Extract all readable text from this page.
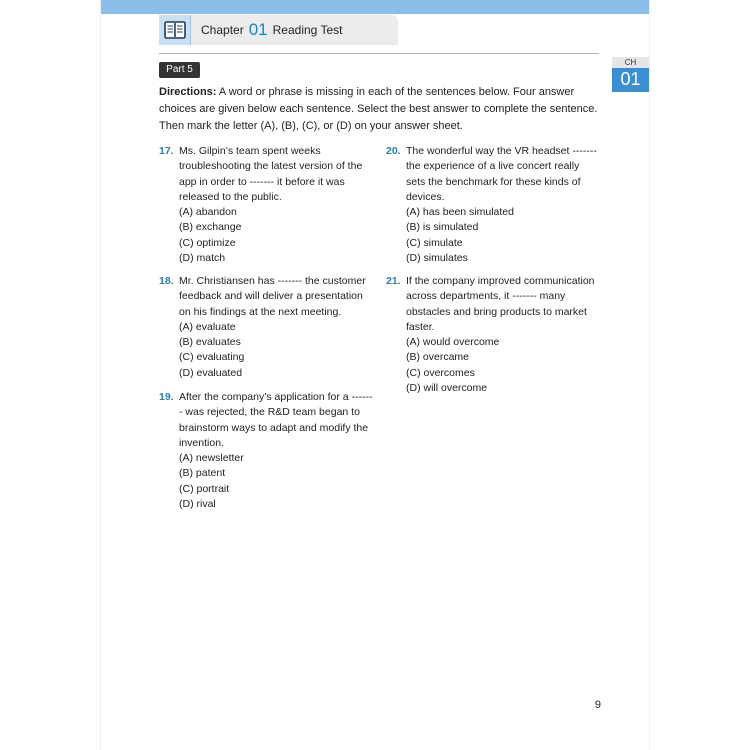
Chapter 01 Reading Test
CH
01
Part 5
Directions: A word or phrase is missing in each of the sentences below. Four answer choices are given below each sentence. Select the best answer to complete the sentence. Then mark the letter (A), (B), (C), or (D) on your answer sheet.
17. Ms. Gilpin’s team spent weeks troubleshooting the latest version of the app in order to ------- it before it was released to the public.
(A) abandon
(B) exchange
(C) optimize
(D) match
18. Mr. Christiansen has ------- the customer feedback and will deliver a presentation on his findings at the next meeting.
(A) evaluate
(B) evaluates
(C) evaluating
(D) evaluated
19. After the company’s application for a ------- was rejected, the R&D team began to brainstorm ways to adapt and modify the invention.
(A) newsletter
(B) patent
(C) portrait
(D) rival
20. The wonderful way the VR headset ------- the experience of a live concert really sets the benchmark for these kinds of devices.
(A) has been simulated
(B) is simulated
(C) simulate
(D) simulates
21. If the company improved communication across departments, it ------- many obstacles and bring products to market faster.
(A) would overcome
(B) overcame
(C) overcomes
(D) will overcome
9
